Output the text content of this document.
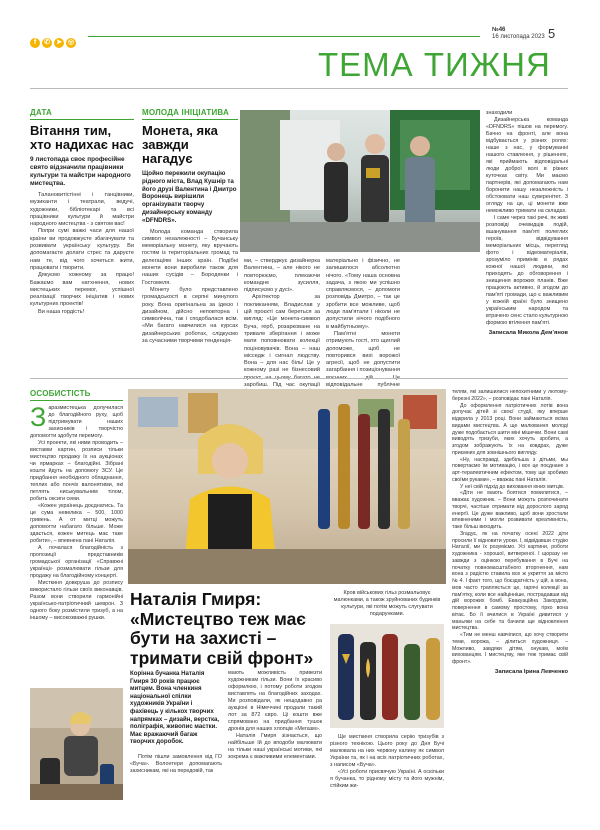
f ✆ ➤ ◎
№46
16 листопада 2023 5
ТЕМА ТИЖНЯ
ДАТА
Вітання тим, хто надихає нас
9 листопада своє професійне свято відзначили працівники культури та майстри народного мистецтва.

Талановитістінні і танцівники, музиканти і театрали, ведучі, художники, бібліотекарі та всі працівники культури й майстри народного мистецтва - з святом вас!

Попри сумі важкі часи для нашої країни ви продовжуєте збагачувати та розвивати українську культуру. Ви допомагаєте долати стрес та даруєте нам те, від чого хочеться жити, працювати і творити.

Дякуємо кожному за працю! Бажаємо вам натхнення, нових мистецьких перемог, успішної реалізації творчих ініціатив і нових культурних проектів!

Ви наша гордість!

МОЛОДА ІНІЦІАТИВА
Монета, яка завжди нагадує
Щойно пережили окупацію рідного міста, Влад Кушнір та його друзі Валентина і Дмитро Воронець вирішили організувати творчу дизайнерську команду «DFNDRS».

Молода команда створила символ незалежності – Бучанську меморіальну монету, яку вручають гостям із територіальних громад та делегаціям інших країн. Подібні монети вони виробили також для наших сусідів – Бородянки і Гостомеля.

Монету було представлено громадськості в серпні минулого року. Вона оригінальна за ідеєю і дизайном, дійсно неповторна і символічна, так і сподобалася всім. «Ми багато навчилися на курсах дизайнерських роботах, слідкуємо за сучасними творчими тенденція-

ми, – стверджує дизайнерка Валентина, – але нікого не повторюємо, плекаючи командне зусилля, підписуємо у дусі».

Архітектор за покликанням, Владислав у цій проєкті сам береться за вигляд: «Це монета-символ Буча, герб, розарковане на тривале зберігання і може мати поповнювати колекції поціновувачів. Вона – наш місседж і сигнал людству. Вона – для нас біль! Це у кожному разі не бізнесовий заробиш. Під час окупації

матеріально і фізично, не залишилося абсолютно нічого. «Тому наша основна задача, з якою ми успішно справляємося, – допомоги розповідь Дмитро, – так це зробити все можливе, щоб люди пам'ятали і ніколи не допустили нічого подібного в майбутньому».

Пам'ятні монети отримують гості, хто щиглий допоможе, щоб не повторився вихі ворожої агресії, щоб не допустити загарбання і позиціонування відповідальне публічне

знаходили

Дизайнерська команда «DFNDRS» пішов на перемогу. Бачно на фронті, але вона відбувається у різних ролях: наше з нас, у формуванні нашого ставлення, у рішеннях, які приймають відповідальні люди доброї волі в різних куточках світу. Ми маємо партнерів, які допомагають нам боронити нашу незалежність і обстоювати наш суверенітет. З огляду на це, ці монети вже неможливо тримати на складах.

І саме через такі речі, як живі розповіді очевидців подій, вшанування пам'яті полеглих героїв, відвідування меморіальних місць, перегляд фото і відеоматеріалів, зрозуміло примінів в рядах кожної нашої людини, які приходять до обговорення і знищення ворожих планів. Вже працюють активно, й згодом до пам'яті громади, що є важливим у кожній країні було знищено українським народом та втрачено сенс стало культурною формою втілення пам'яті.

Записала Микола Демʼянов
ОСОБИСТІСТЬ

Заразмистецька долучилася до благодійного руху, щоб підтримувати наших захисників і творчістю допомогти здобути перемогу.

Усі проекти, які ними проводить – виставки картин, розписи тільки мистецтво продажу їх на аукціонах чи ярмарках – благодійні. Зібрані кошти йдуть на допомогу ЗСУ. Це придбання необхідного обладнання, теплих або пончіх валонятими, які петлять ниськувальним тілом, робить оксиги семи.

«Кожен українець доєднатись. Та це сума невелика – 500, 1000 гривень. А от митці можуть допомогти набагато більше. Може здається, кожен митець має таке робити», – впевнена пані Наталія.

А почалася благодійність з пропозиції представників громадської організації «Справжні українці» розмалювати гільзи для продажу на благодійному концерті.

Мисткиня довкруша до розпису використало гільзи своїх виконавців. Разом вони створили гармонійні українсько-патріотичний шеврон. З одного боку розмістили тризуб, а на іншому – високозважні рушки.

Наталія Гмиря: «Мистецтво теж має бути на захисті – тримати свій фронт»
Кров військових гільз розмальовує малюнками, а також зруйнованих будинків культури, які потім можуть слугувати подарунками.
Корінна бучанка Наталія Гмиря 30 років працює митцем. Вона членкиня національної спілки художників України і фахівець у кількох творчих напрямках – дизайн, верстка, поліграфія, живопис мастки. Має вражаючий багаж творчих доробок.

Потім пішли замовлення від ГО «Буча». Волонтери допомагають захисникам, які на передовій, так

мають можливість привезти художникам гільзи. Вони їх красиво оформлюю, і потому роботи згодом виставлять на благодійних заходах. Ми розповідали, як нещодавно ра аукціоні в Німеччині продали такий лот за 872 євро. Ці кошти вже спрямовано на придбання тушок дронів для наших хлопців «Мегазм».

Наталія Гмиря зізнається, що найбільше їй до вподоби малювати на тільки наші українські мотиви, які зокрема є важливими елементами.

Ще мисткиня створила серію тризубів з різного технікою. Цього року до Дня Бучі малювала на них червону калину як символ України та, як і на всіх патріотичних роботах, з написом «Буча».

«Усі роботи присвячую Україні. А оскільки я бучанка, то рідному місту та його мужнім, стійким жи-

телям, які залишилися непохитними у лютому-березні 2022», – розповідає пані Наталія.

До оформлення патріотичних лотів вона долучає дітей зі своєї студії, яку вперше відкрила у 2013 році. Вони займаються всіма видами мистецтва. А ще малювання молоді дуже подобається шити міні мішечки. Вони самі виводять тризуби, яких хочуть зробити, а згодом зображують їх на ковдрах, дуже приємних для зовнішнього вигляду.

«Ну, насправді, здебільша з дітьми, мы повертаємо їм мотивацію, і все це поєднане з арт-терапевтичним ефектом, тому ще зробимо своїми руками», – вважає пані Наталія.

У неї свій підхід до виховання юних митців.

«Діти не мають боятися помилитися, – вважає художник. – Вони можуть розпочинати творчі, частіше отримати від дорослого заряд енергії. Це дуже важливо, щоб вони зростали впевненими і могли розвивати креативність, таке більш виходить.

Згадує, як на початку осені 2022 діти просили її відновити уроки. І, відвідавши студію Наталії, ми їх розуміємо. Усі картини, роботи художника - хорошої, витвереної. І щоразу не завжди з оцінкою перебування в Бучі на початку повномасштабного вторгнення, нам вона з радістю ставила все ж укриття за місто № 4. І факт того, що боєздатність у цій, а вона, мов часто трапляється це, гарячі колекції за пам'ятку, коли все найцінніше, пострадавши від дій ворожих бомб. Евакуаційна Закордом, повернення в самому простому, гірко вона вітає. Бо її вчилися в Україні дивитися у маньяки на себе та бачили ще відновлення мистецтва.

«Тим не менш навчілися, що хочу створити теми, ворожа, – ділиться художниця. – Можливо, завдяки дітям, онукам, моїм вихованцям. І мистецтву, яке теж тримає свій фронт».

Записала Ірина Левченко
